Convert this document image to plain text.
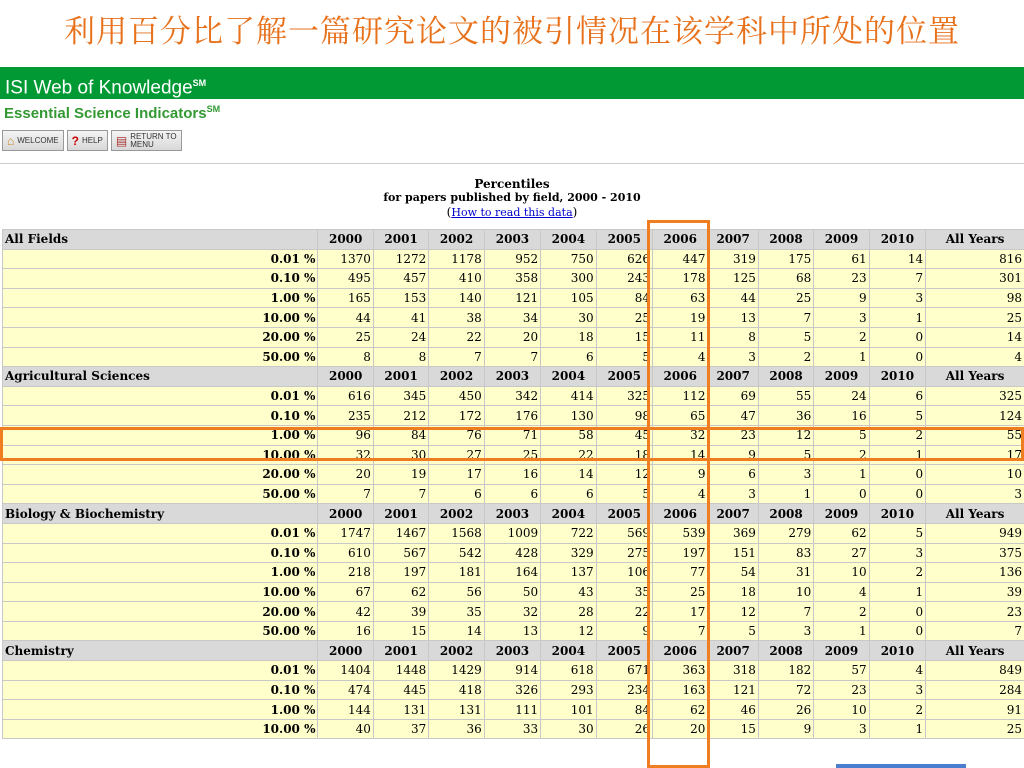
利用百分比了解一篇研究论文的被引情况在该学科中所处的位置
ISI Web of Knowledge℠
Essential Science Indicators℠
⌂ WELCOME ? HELP ▤ RETURN TO
MENU
Percentiles
for papers published by field, 2000 - 2010
(How to read this data)
All Fields	2000	2001	2002	2003	2004	2005	2006	2007	2008	2009	2010	All Years
0.01 %	1370	1272	1178	952	750	626	447	319	175	61	14	816
0.10 %	495	457	410	358	300	243	178	125	68	23	7	301
1.00 %	165	153	140	121	105	84	63	44	25	9	3	98
10.00 %	44	41	38	34	30	25	19	13	7	3	1	25
20.00 %	25	24	22	20	18	15	11	8	5	2	0	14
50.00 %	8	8	7	7	6	5	4	3	2	1	0	4
Agricultural Sciences	2000	2001	2002	2003	2004	2005	2006	2007	2008	2009	2010	All Years
0.01 %	616	345	450	342	414	325	112	69	55	24	6	325
0.10 %	235	212	172	176	130	98	65	47	36	16	5	124
1.00 %	96	84	76	71	58	45	32	23	12	5	2	55
10.00 %	32	30	27	25	22	18	14	9	5	2	1	17
20.00 %	20	19	17	16	14	12	9	6	3	1	0	10
50.00 %	7	7	6	6	6	5	4	3	1	0	0	3
Biology & Biochemistry	2000	2001	2002	2003	2004	2005	2006	2007	2008	2009	2010	All Years
0.01 %	1747	1467	1568	1009	722	569	539	369	279	62	5	949
0.10 %	610	567	542	428	329	275	197	151	83	27	3	375
1.00 %	218	197	181	164	137	106	77	54	31	10	2	136
10.00 %	67	62	56	50	43	35	25	18	10	4	1	39
20.00 %	42	39	35	32	28	22	17	12	7	2	0	23
50.00 %	16	15	14	13	12	9	7	5	3	1	0	7
Chemistry	2000	2001	2002	2003	2004	2005	2006	2007	2008	2009	2010	All Years
0.01 %	1404	1448	1429	914	618	671	363	318	182	57	4	849
0.10 %	474	445	418	326	293	234	163	121	72	23	3	284
1.00 %	144	131	131	111	101	84	62	46	26	10	2	91
10.00 %	40	37	36	33	30	26	20	15	9	3	1	25
